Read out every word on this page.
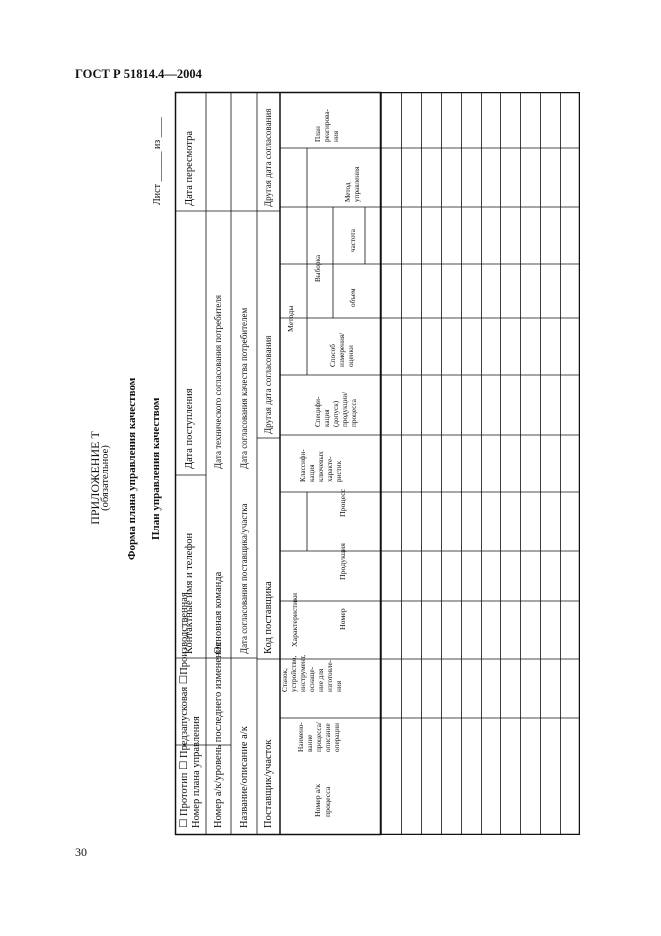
ГОСТ Р 51814.4—2004
30
ПРИЛОЖЕНИЕ Т
(обязательное) Форма плана управления качеством План управления качеством
Лист ______ из ____
☐ Прототип ☐ Предзапусковая ☐Производственная Номер плана управления
Контактные имя и телефон
Дата поступления
Дата пересмотра
Номер а/к/уровень последнего изменения
Основная команда
Дата технического согласования потребителя
Название/описание а/к
Дата согласования поставщика/участка
Дата согласования качества потребителем
Поставщик/участок
Код поставщика
Другая дата согласования
Другая дата согласования
Номер а/кпроцесса
Наимено-ваниепроцесса/описаниеоперации
Станок,устройство,инструмент,оснаще-ние дляизготовле-ния
Характеристики	Номер
Продукция
Процесс
Классифи-кацияключевыххаракте-ристик
Методы
Специфи-кация(допуск)продукции/процесса
Способизмерения/оценки
Выборка
объем
частота
Методуправления
Планреагирова-ния
